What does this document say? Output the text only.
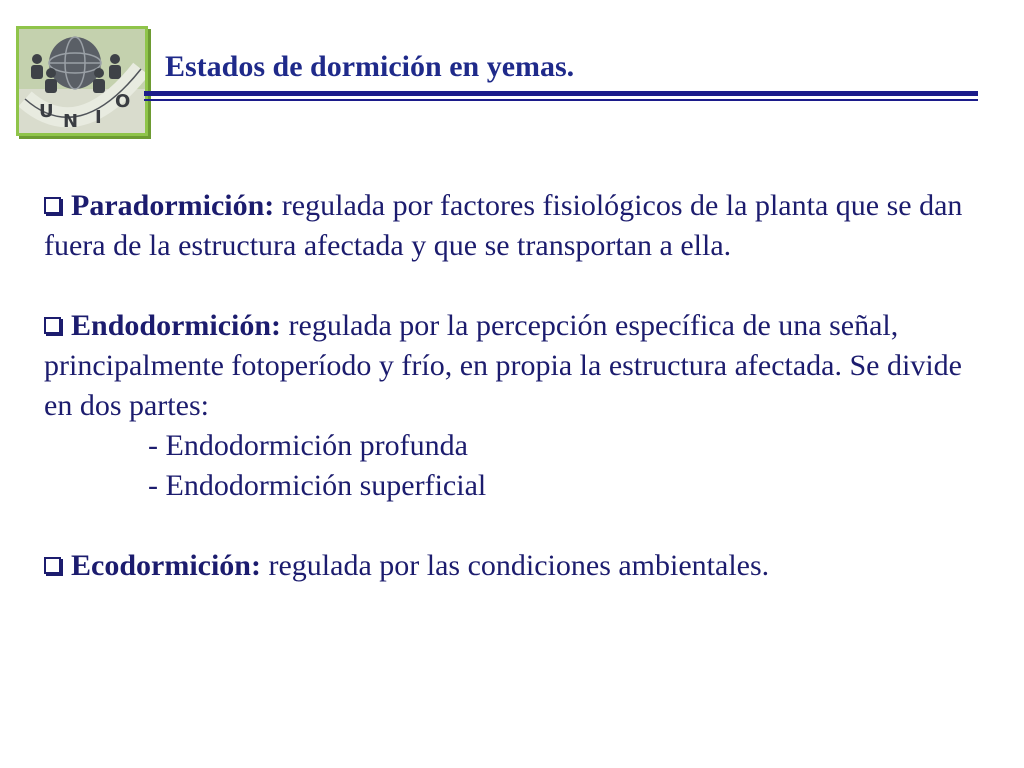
U N I
O
Estados de dormición en yemas.

Paradormición: regulada por factores fisiológicos de la planta que se dan fuera de la estructura afectada y que se transportan a ella.

Endodormición: regulada por la percepción específica de una señal, principalmente fotoperíodo y frío, en propia la estructura afectada. Se divide en dos partes:
- Endodormición profunda
- Endodormición superficial

Ecodormición: regulada por las condiciones ambientales.
